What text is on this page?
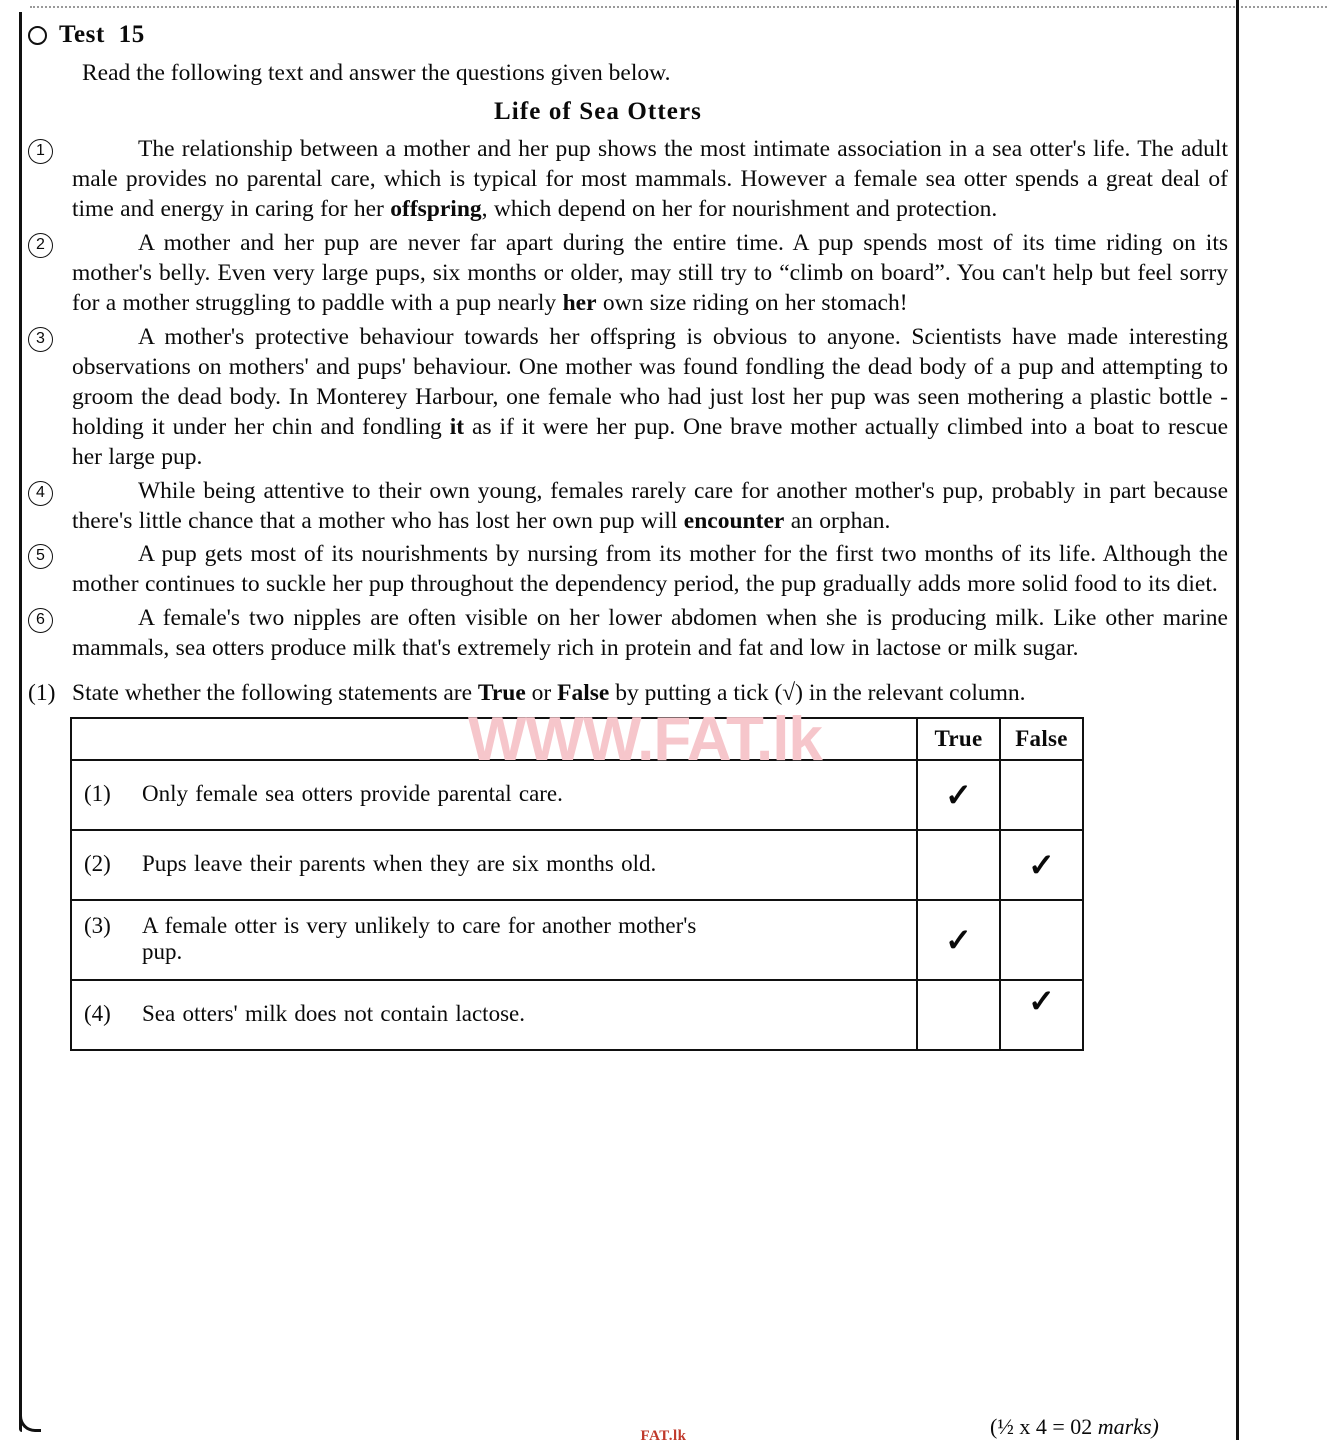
Test  15
Read the following text and answer the questions given below.
Life of Sea Otters
1	The relationship between a mother and her pup shows the most intimate association in a sea otter's life. The adult male provides no parental care, which is typical for most mammals. However a female sea otter spends a great deal of time and energy in caring for her offspring, which depend on her for nourishment and protection.
2	A mother and her pup are never far apart during the entire time. A pup spends most of its time riding on its mother's belly. Even very large pups, six months or older, may still try to “climb on board”. You can't help but feel sorry for a mother struggling to paddle with a pup nearly her own size riding on her stomach!
3	A mother's protective behaviour towards her offspring is obvious to anyone. Scientists have made interesting observations on mothers' and pups' behaviour. One mother was found fondling the dead body of a pup and attempting to groom the dead body. In Monterey Harbour, one female who had just lost her pup was seen mothering a plastic bottle - holding it under her chin and fondling it as if it were her pup. One brave mother actually climbed into a boat to rescue her large pup.
4	While being attentive to their own young, females rarely care for another mother's pup, probably in part because there's little chance that a mother who has lost her own pup will encounter an orphan.
5	A pup gets most of its nourishments by nursing from its mother for the first two months of its life. Although the mother continues to suckle her pup throughout the dependency period, the pup gradually adds more solid food to its diet.
6	A female's two nipples are often visible on her lower abdomen when she is producing milk. Like other marine mammals, sea otters produce milk that's extremely rich in protein and fat and low in lactose or milk sugar.
(1) State whether the following statements are True or False by putting a tick (√) in the relevant column.
	True	False

(1) Only female sea otters provide parental care.	✓	

(2) Pups leave their parents when they are six months old.		✓

(3) A female otter is very unlikely to care for another mother's
pup.	✓	

(4) Sea otters' milk does not contain lactose.		✓
(½ x 4 = 02 marks)
WWW.FAT.lk
FAT.lk
